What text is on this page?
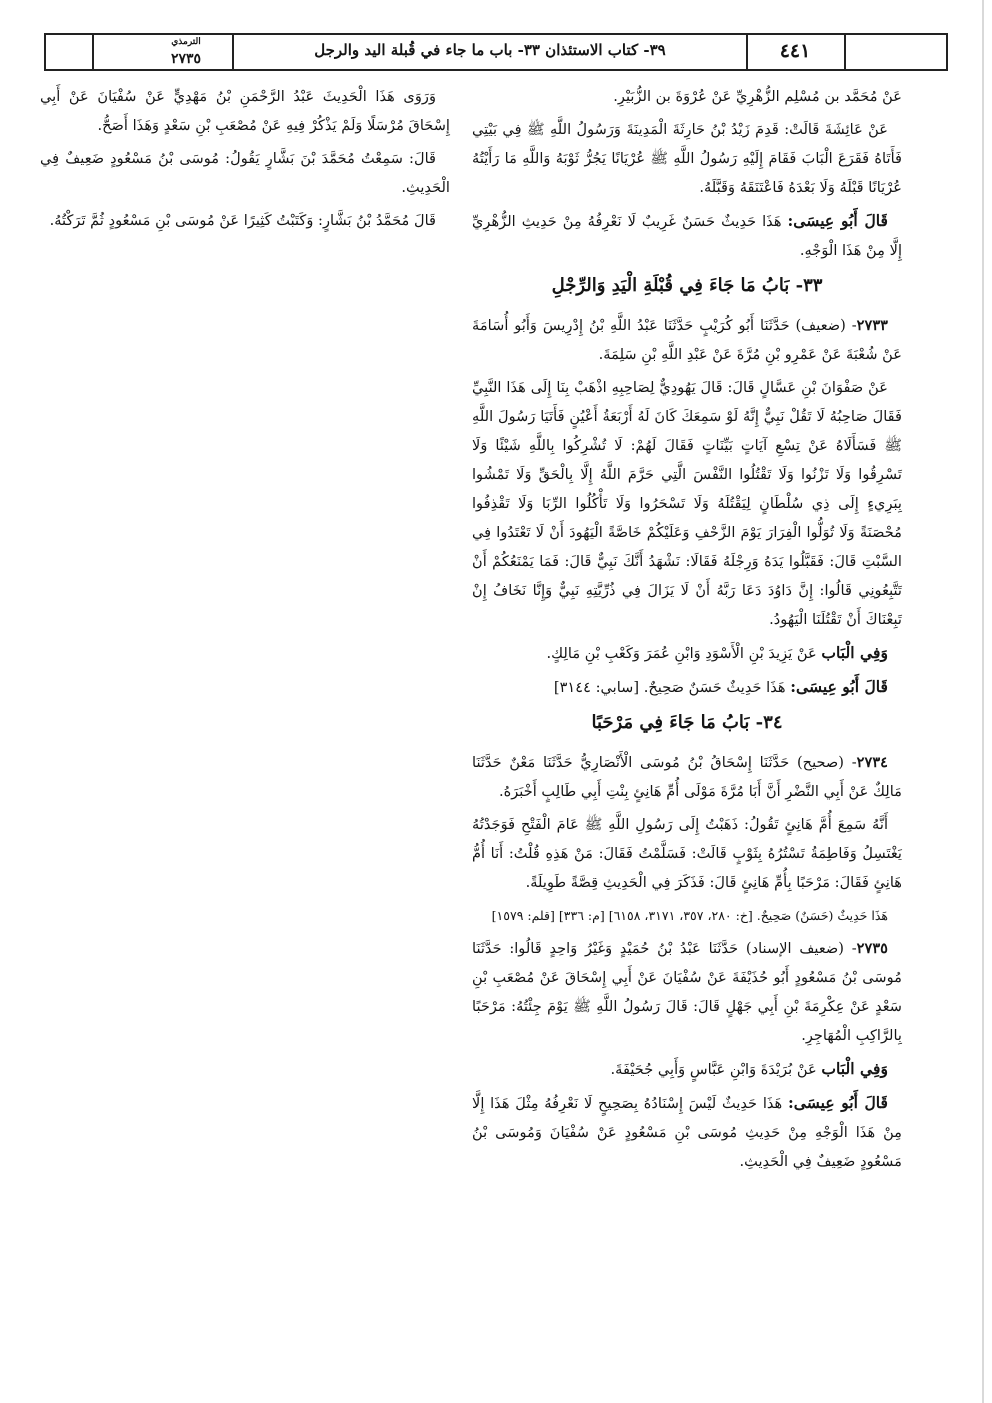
الترمذي
٢٧٣٥	٣٩- كتاب الاستئذان ٣٣- باب ما جاء في قُبلة اليد والرجل	٤٤١

عَنْ مُحَمَّد بن مُسْلِم الزُّهْرِيِّ عَنْ عُرْوَةَ بن الزُّبَيْرِ.

عَنْ عَائِشَةَ قَالَتْ: قَدِمَ زَيْدُ بْنُ حَارِثَةَ الْمَدِينَةَ وَرَسُولُ اللَّهِ ﷺ فِي بَيْتِي فَأَتَاهُ فَقَرَعَ الْبَابَ فَقَامَ إِلَيْهِ رَسُولُ اللَّهِ ﷺ عُرْيَانًا يَجُرُّ ثَوْبَهُ وَاللَّهِ مَا رَأَيْتُهُ عُرْيَانًا قَبْلَهُ وَلَا بَعْدَهُ فَاعْتَنَقَهُ وَقَبَّلَهُ.

قَالَ أَبُو عِيسَى: هَذَا حَدِيثٌ حَسَنٌ غَرِيبٌ لَا نَعْرِفُهُ مِنْ حَدِيثِ الزُّهْرِيِّ إِلَّا مِنْ هَذَا الْوَجْهِ.

٣٣- بَابُ مَا جَاءَ فِي قُبْلَةِ الْيَدِ وَالرِّجْلِ

٢٧٣٣- (ضعيف) حَدَّثَنَا أَبُو كُرَيْبٍ حَدَّثَنَا عَبْدُ اللَّهِ بْنُ إِدْرِيسَ وَأَبُو أُسَامَةَ عَنْ شُعْبَةَ عَنْ عَمْرِو بْنِ مُرَّةَ عَنْ عَبْدِ اللَّهِ بْنِ سَلِمَةَ.

عَنْ صَفْوَانَ بْنِ عَسَّالٍ قَالَ: قَالَ يَهُودِيٌّ لِصَاحِبِهِ اذْهَبْ بِنَا إِلَى هَذَا النَّبِيِّ فَقَالَ صَاحِبُهُ لَا تَقُلْ نَبِيٌّ إِنَّهُ لَوْ سَمِعَكَ كَانَ لَهُ أَرْبَعَةُ أَعْيُنٍ فَأَتَيَا رَسُولَ اللَّهِ ﷺ فَسَأَلَاهُ عَنْ تِسْعِ آيَاتٍ بَيِّنَاتٍ فَقَالَ لَهُمْ: لَا تُشْرِكُوا بِاللَّهِ شَيْئًا وَلَا تَسْرِقُوا وَلَا تَزْنُوا وَلَا تَقْتُلُوا النَّفْسَ الَّتِي حَرَّمَ اللَّهُ إِلَّا بِالْحَقِّ وَلَا تَمْشُوا بِبَرِيءٍ إِلَى ذِي سُلْطَانٍ لِيَقْتُلَهُ وَلَا تَسْحَرُوا وَلَا تَأْكُلُوا الرِّبَا وَلَا تَقْذِفُوا مُحْصَنَةً وَلَا تُوَلُّوا الْفِرَارَ يَوْمَ الزَّحْفِ وَعَلَيْكُمْ خَاصَّةً الْيَهُودَ أَنْ لَا تَعْتَدُوا فِي السَّبْتِ قَالَ: فَقَبَّلُوا يَدَهُ وَرِجْلَهُ فَقَالَا: نَشْهَدُ أَنَّكَ نَبِيٌّ قَالَ: فَمَا يَمْنَعُكُمْ أَنْ تَتَّبِعُونِي قَالُوا: إِنَّ دَاوُدَ دَعَا رَبَّهُ أَنْ لَا يَزَالَ فِي ذُرِّيَّتِهِ نَبِيٌّ وَإِنَّا نَخَافُ إِنْ تَبِعْنَاكَ أَنْ تَقْتُلَنَا الْيَهُودُ.

وَفِي الْبَاب عَنْ يَزِيدَ بْنِ الْأَسْوَدِ وَابْنِ عُمَرَ وَكَعْبِ بْنِ مَالِكٍ.

قَالَ أَبُو عِيسَى: هَذَا حَدِيثٌ حَسَنٌ صَحِيحٌ. [سابي: ٣١٤٤]

٣٤- بَابُ مَا جَاءَ فِي مَرْحَبًا

٢٧٣٤- (صحيح) حَدَّثَنَا إِسْحَاقُ بْنُ مُوسَى الْأَنْصَارِيُّ حَدَّثَنَا مَعْنٌ حَدَّثَنَا مَالِكٌ عَنْ أَبِي النَّضْرِ أَنَّ أَبَا مُرَّةَ مَوْلَى أُمِّ هَانِئٍ بِنْتِ أَبِي طَالِبٍ أَخْبَرَهُ.

أَنَّهُ سَمِعَ أُمَّ هَانِئٍ تَقُولُ: ذَهَبْتُ إِلَى رَسُولِ اللَّهِ ﷺ عَامَ الْفَتْحِ فَوَجَدْتُهُ يَغْتَسِلُ وَفَاطِمَةُ تَسْتُرُهُ بِثَوْبٍ قَالَتْ: فَسَلَّمْتُ فَقَالَ: مَنْ هَذِهِ قُلْتُ: أَنَا أُمُّ هَانِئٍ فَقَالَ: مَرْحَبًا بِأُمِّ هَانِئٍ قَالَ: فَذَكَرَ فِي الْحَدِيثِ قِصَّةً طَوِيلَةً.

هَذَا حَدِيثٌ (حَسَنٌ) صَحِيحٌ. [خ: ٢٨٠، ٣٥٧، ٣١٧١، ٦١٥٨] [م: ٣٣٦] [قلم: ١٥٧٩]

٢٧٣٥- (ضعيف الإسناد) حَدَّثَنَا عَبْدُ بْنُ حُمَيْدٍ وَغَيْرُ وَاحِدٍ قَالُوا: حَدَّثَنَا مُوسَى بْنُ مَسْعُودٍ أَبُو حُذَيْفَةَ عَنْ سُفْيَانَ عَنْ أَبِي إِسْحَاقَ عَنْ مُصْعَبِ بْنِ سَعْدٍ عَنْ عِكْرِمَةَ بْنِ أَبِي جَهْلٍ قَالَ: قَالَ رَسُولُ اللَّهِ ﷺ يَوْمَ جِئْتُهُ: مَرْحَبًا بِالرَّاكِبِ الْمُهَاجِرِ.

وَفِي الْبَاب عَنْ بُرَيْدَةَ وَابْنِ عَبَّاسٍ وَأَبِي جُحَيْفَةَ.

قَالَ أَبُو عِيسَى: هَذَا حَدِيثٌ لَيْسَ إِسْنَادُهُ بِصَحِيحٍ لَا نَعْرِفُهُ مِثْلَ هَذَا إِلَّا مِنْ هَذَا الْوَجْهِ مِنْ حَدِيثِ مُوسَى بْنِ مَسْعُودٍ عَنْ سُفْيَانَ وَمُوسَى بْنُ مَسْعُودٍ ضَعِيفٌ فِي الْحَدِيثِ.

وَرَوَى هَذَا الْحَدِيثَ عَبْدُ الرَّحْمَنِ بْنُ مَهْدِيٍّ عَنْ سُفْيَانَ عَنْ أَبِي إِسْحَاقَ مُرْسَلًا وَلَمْ يَذْكُرْ فِيهِ عَنْ مُصْعَبِ بْنِ سَعْدٍ وَهَذَا أَصَحُّ.

قَالَ: سَمِعْتُ مُحَمَّدَ بْنَ بَشَّارٍ يَقُولُ: مُوسَى بْنُ مَسْعُودٍ ضَعِيفٌ فِي الْحَدِيثِ.

قَالَ مُحَمَّدُ بْنُ بَشَّارٍ: وَكَتَبْتُ كَثِيرًا عَنْ مُوسَى بْنِ مَسْعُودٍ ثُمَّ تَرَكْتُهُ.
